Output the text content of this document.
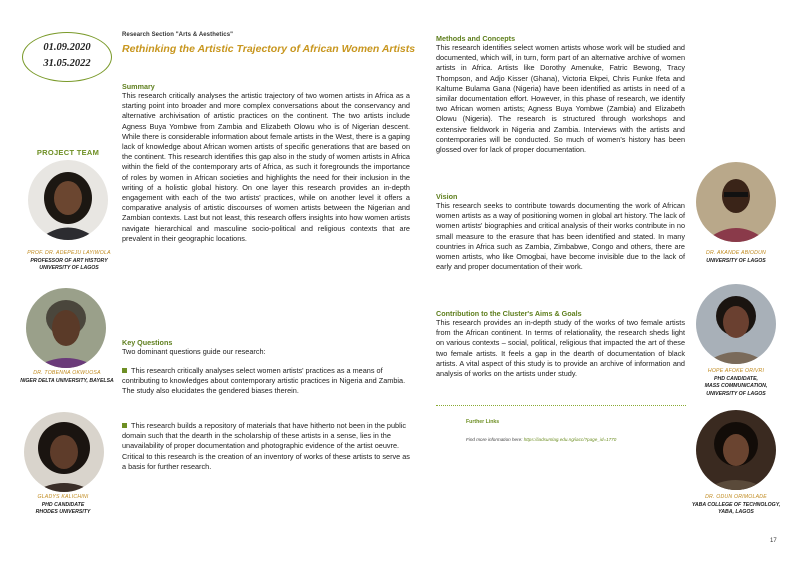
01.09.2020
31.05.2022
PROJECT TEAM
PROF. DR. ADEPEJU LAYIWOLA
PROFESSOR OF ART HISTORY
UNIVERSITY OF LAGOS
DR. TOBENNA OKWUOSA
NIGER DELTA UNIVERSITY, BAYELSA
GLADYS KALICHINI
PHD CANDIDATE
RHODES UNIVERSITY
Research Section "Arts & Aesthetics"
Rethinking the Artistic Trajectory of African Women Artists
Summary
This research critically analyses the artistic trajectory of two women artists in Africa as a starting point into broader and more complex conversations about the conservancy and alternative archivisation of artistic practices on the continent. The two artists include Agness Buya Yombwe from Zambia and Elizabeth Olowu who is of Nigerian descent. While there is considerable information about female artists in the West, there is a gaping lack of knowledge about African women artists of specific generations that are based on the continent. This research identifies this gap also in the study of women artists in Africa within the field of the contemporary arts of Africa, as such it foregrounds the importance of roles by women in African societies and highlights the need for their inclusion in the writing of a holistic global history. On one layer this research provides an in-depth engagement with each of the two artists' practices, while on another level it offers a comparative analysis of artistic discourses of women artists between the Nigerian and Zambian contexts. Last but not least, this research offers insights into how women artists navigate hierarchical and masculine socio-political and religious contexts that are prevalent in their geographic locations.
Key Questions
Two dominant questions guide our research:
This research critically analyses select women artists' practices as a means of contributing to knowledges about contemporary artistic practices in Nigeria and Zambia. The study also elucidates the gendered biases therein.
This research builds a repository of materials that have hitherto not been in the public domain such that the dearth in the scholarship of these artists in a sense, lies in the unavailability of proper documentation and photographic evidence of the artist oeuvre. Critical to this research is the creation of an inventory of works of these artists to serve as a basis for further research.
Methods and Concepts
This research identifies select women artists whose work will be studied and documented, which will, in turn, form part of an alternative archive of women artists in Africa. Artists like Dorothy Amenuke, Fatric Bewong, Tracy Thompson, and Adjo Kisser (Ghana), Victoria Ekpei, Chris Funke Ifeta and Kaltume Bulama Gana (Nigeria) have been identified as artists in need of a similar documentation effort. However, in this phase of research, we identify two African women artists; Agness Buya Yombwe (Zambia) and Elizabeth Olowu (Nigeria). The research is structured through workshops and extensive fieldwork in Nigeria and Zambia. Interviews with the artists and contemporaries will be conducted. So much of women's history has been glossed over for lack of proper documentation.
Vision
This research seeks to contribute towards documenting the work of African women artists as a way of positioning women in global art history. The lack of women artists' biographies and critical analysis of their works contribute in no small measure to the erasure that has been identified and stated. In many countries in Africa such as Zambia, Zimbabwe, Congo and others, there are women artists, who like Omogbai, have become invisible due to the lack of early and proper documentation of their work.
Contribution to the Cluster's Aims & Goals
This research provides an in-depth study of the works of two female artists from the African continent. In terms of relationality, the research sheds light on various contexts – social, political, religious that impacted the art of these two female artists. It feels a gap in the dearth of documentation of black artists. A vital aspect of this study is to provide an archive of information and analysis of works on the artists under study.
Further Links
Find more information here: https://iadsumlag.edu.ng/iacc/?page_id=1770
DR. AKANDE ABIODUN
UNIVERSITY OF LAGOS
HOPE AFOKE ORIVRI
PHD CANDIDATE,
MASS COMMUNICATION,
UNIVERSITY OF LAGOS
DR. ODUN ORIMOLADE
YABA COLLEGE OF TECHNOLOGY,
YABA, LAGOS
17
